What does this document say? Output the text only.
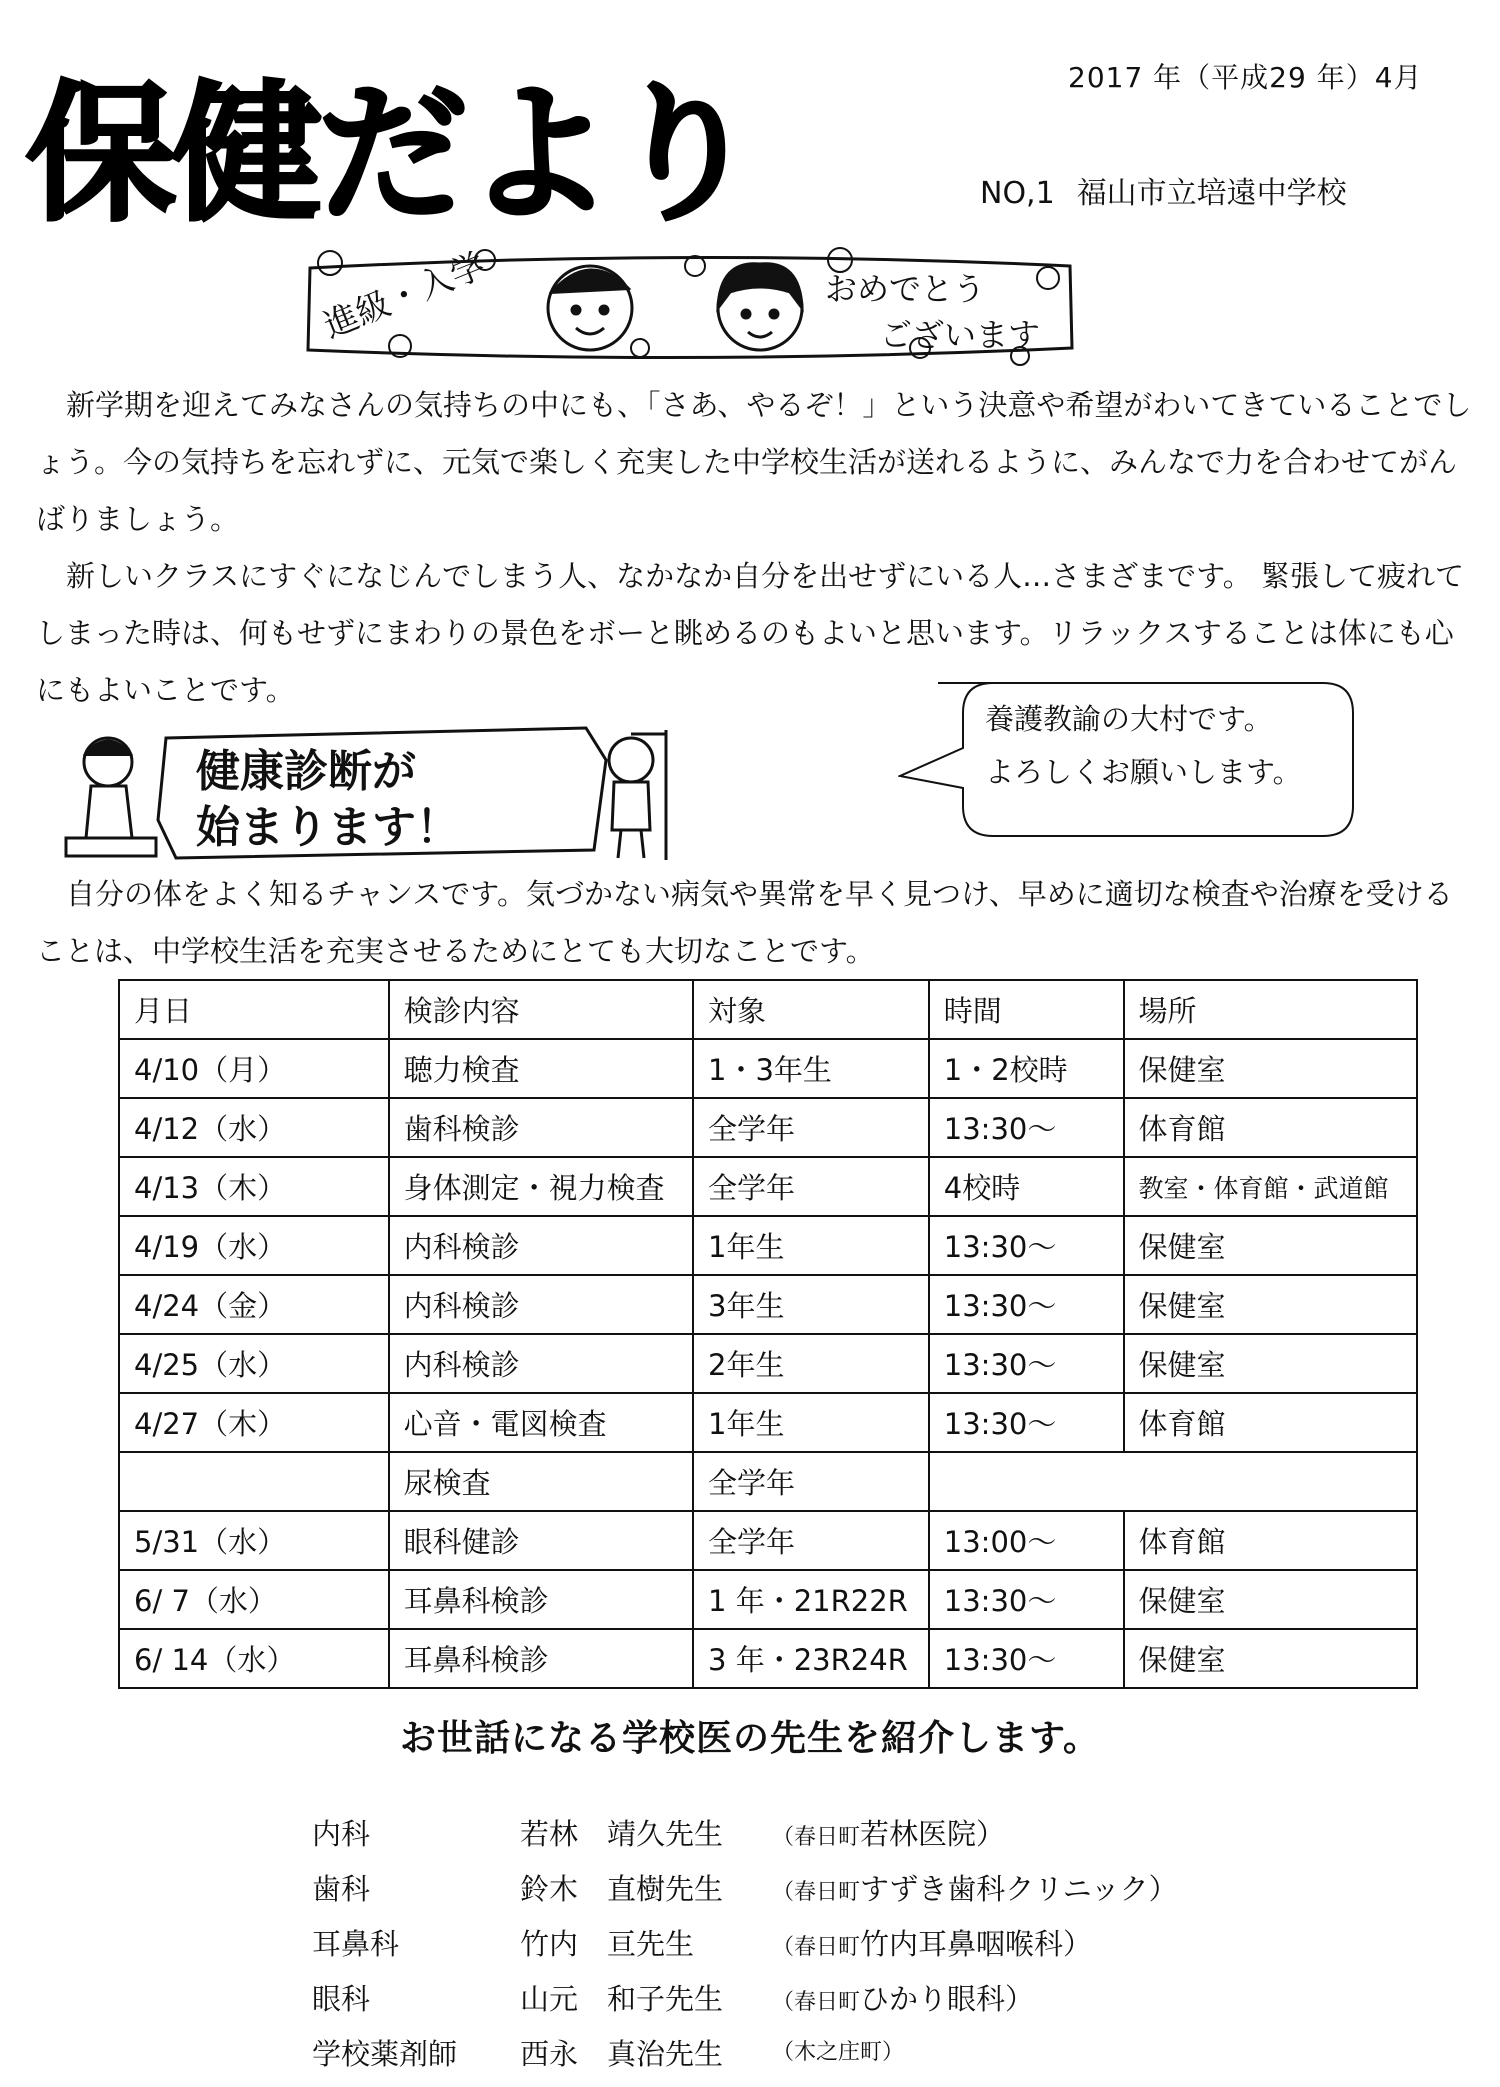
2017 年（平成29 年）4月
保健だより	NO,1 福山市立培遠中学校
進級・入学	おめでとう
ございます

新学期を迎えてみなさんの気持ちの中にも、「さあ、やるぞ！」という決意や希望がわいてきていることでしょう。今の気持ちを忘れずに、元気で楽しく充実した中学校生活が送れるように、みんなで力を合わせてがんばりましょう。

新しいクラスにすぐになじんでしまう人、なかなか自分を出せずにいる人…さまざまです。 緊張して疲れてしまった時は、何もせずにまわりの景色をボーと眺めるのもよいと思います。リラックスすることは体にも心にもよいことです。

養護教諭の大村です。
よろしくお願いします。
健康診断が
始まります！

自分の体をよく知るチャンスです。気づかない病気や異常を早く見つけ、早めに適切な検査や治療を受けることは、中学校生活を充実させるためにとても大切なことです。

月日	検診内容	対象	時間	場所
4/10（月）	聴力検査	1・3年生	1・2校時	保健室
4/12（水）	歯科検診	全学年	13:30～	体育館
4/13（木）	身体測定・視力検査	全学年	4校時	教室・体育館・武道館
4/19（水）	内科検診	1年生	13:30～	保健室
4/24（金）	内科検診	3年生	13:30～	保健室
4/25（水）	内科検診	2年生	13:30～	保健室
4/27（木）	心音・電図検査	1年生	13:30～	体育館
	尿検査	全学年		
5/31（水）	眼科健診	全学年	13:00～	体育館
6/ 7（水）	耳鼻科検診	1 年・21R22R	13:30～	保健室
6/ 14（水）	耳鼻科検診	3 年・23R24R	13:30～	保健室
お世話になる学校医の先生を紹介します。
内科	若林　靖久先生 （春日町若林医院）
歯科	鈴木　直樹先生 （春日町すずき歯科クリニック）
耳鼻科	竹内　亘先生	（春日町竹内耳鼻咽喉科）
眼科	山元　和子先生 （春日町ひかり眼科）
学校薬剤師 西永　真治先生 （木之庄町）
